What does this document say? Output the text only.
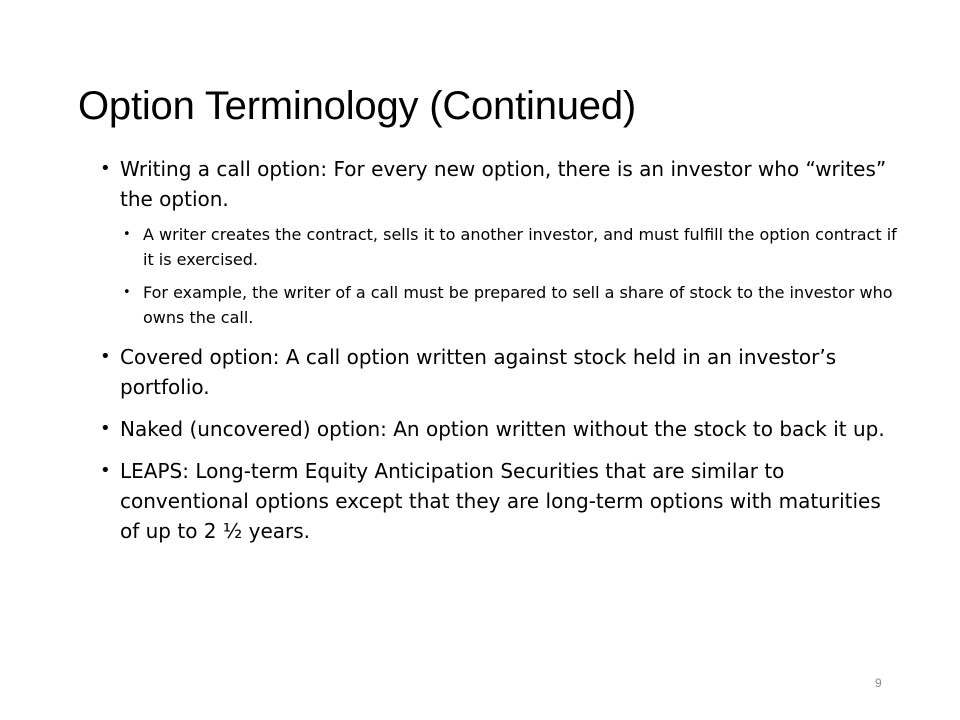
Option Terminology (Continued)
• Writing a call option: For every new option, there is an investor who “writes” the option.
• A writer creates the contract, sells it to another investor, and must fulfill the option contract if it is exercised.
• For example, the writer of a call must be prepared to sell a share of stock to the investor who owns the call.
• Covered option: A call option written against stock held in an investor’s portfolio.
• Naked (uncovered) option: An option written without the stock to back it up.
• LEAPS: Long-term Equity Anticipation Securities that are similar to conventional options except that they are long-term options with maturities of up to 2 ½ years.
9
